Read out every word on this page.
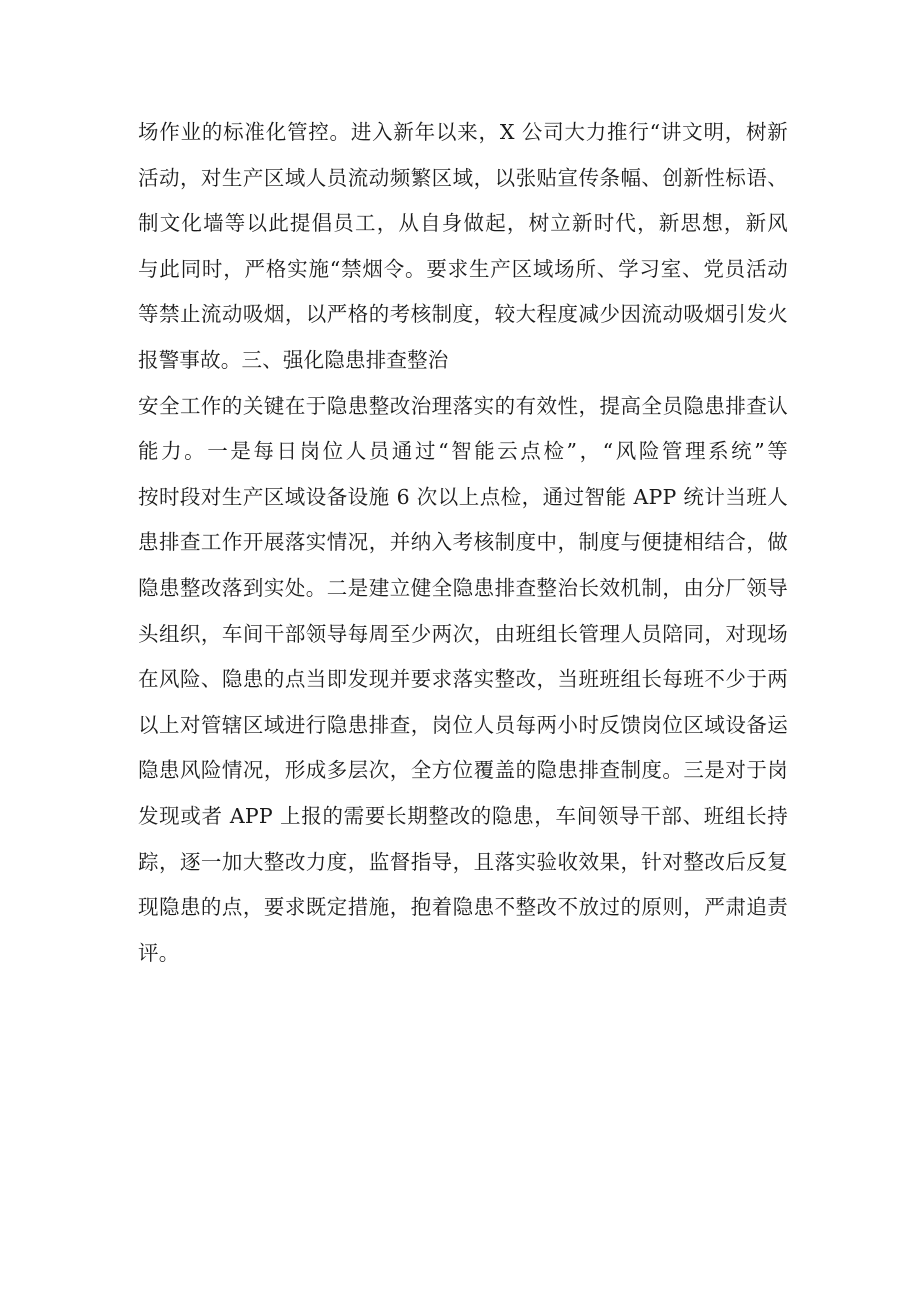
场作业的标准化管控。进入新年以来，X 公司大力推行“讲文明，树新
活动，对生产区域人员流动频繁区域，以张贴宣传条幅、创新性标语、
制文化墙等以此提倡员工，从自身做起，树立新时代，新思想，新风
与此同时，严格实施“禁烟令。要求生产区域场所、学习室、党员活动
等禁止流动吸烟，以严格的考核制度，较大程度减少因流动吸烟引发火
报警事故。三、强化隐患排查整治
安全工作的关键在于隐患整改治理落实的有效性，提高全员隐患排查认
能力。一是每日岗位人员通过“智能云点检”，“风险管理系统”等
按时段对生产区域设备设施 6 次以上点检，通过智能 APP 统计当班人
患排查工作开展落实情况，并纳入考核制度中，制度与便捷相结合，做
隐患整改落到实处。二是建立健全隐患排查整治长效机制，由分厂领导
头组织，车间干部领导每周至少两次，由班组长管理人员陪同，对现场
在风险、隐患的点当即发现并要求落实整改，当班班组长每班不少于两
以上对管辖区域进行隐患排查，岗位人员每两小时反馈岗位区域设备运
隐患风险情况，形成多层次，全方位覆盖的隐患排查制度。三是对于岗
发现或者 APP 上报的需要长期整改的隐患，车间领导干部、班组长持
踪，逐一加大整改力度，监督指导，且落实验收效果，针对整改后反复
现隐患的点，要求既定措施，抱着隐患不整改不放过的原则，严肃追责
评。
